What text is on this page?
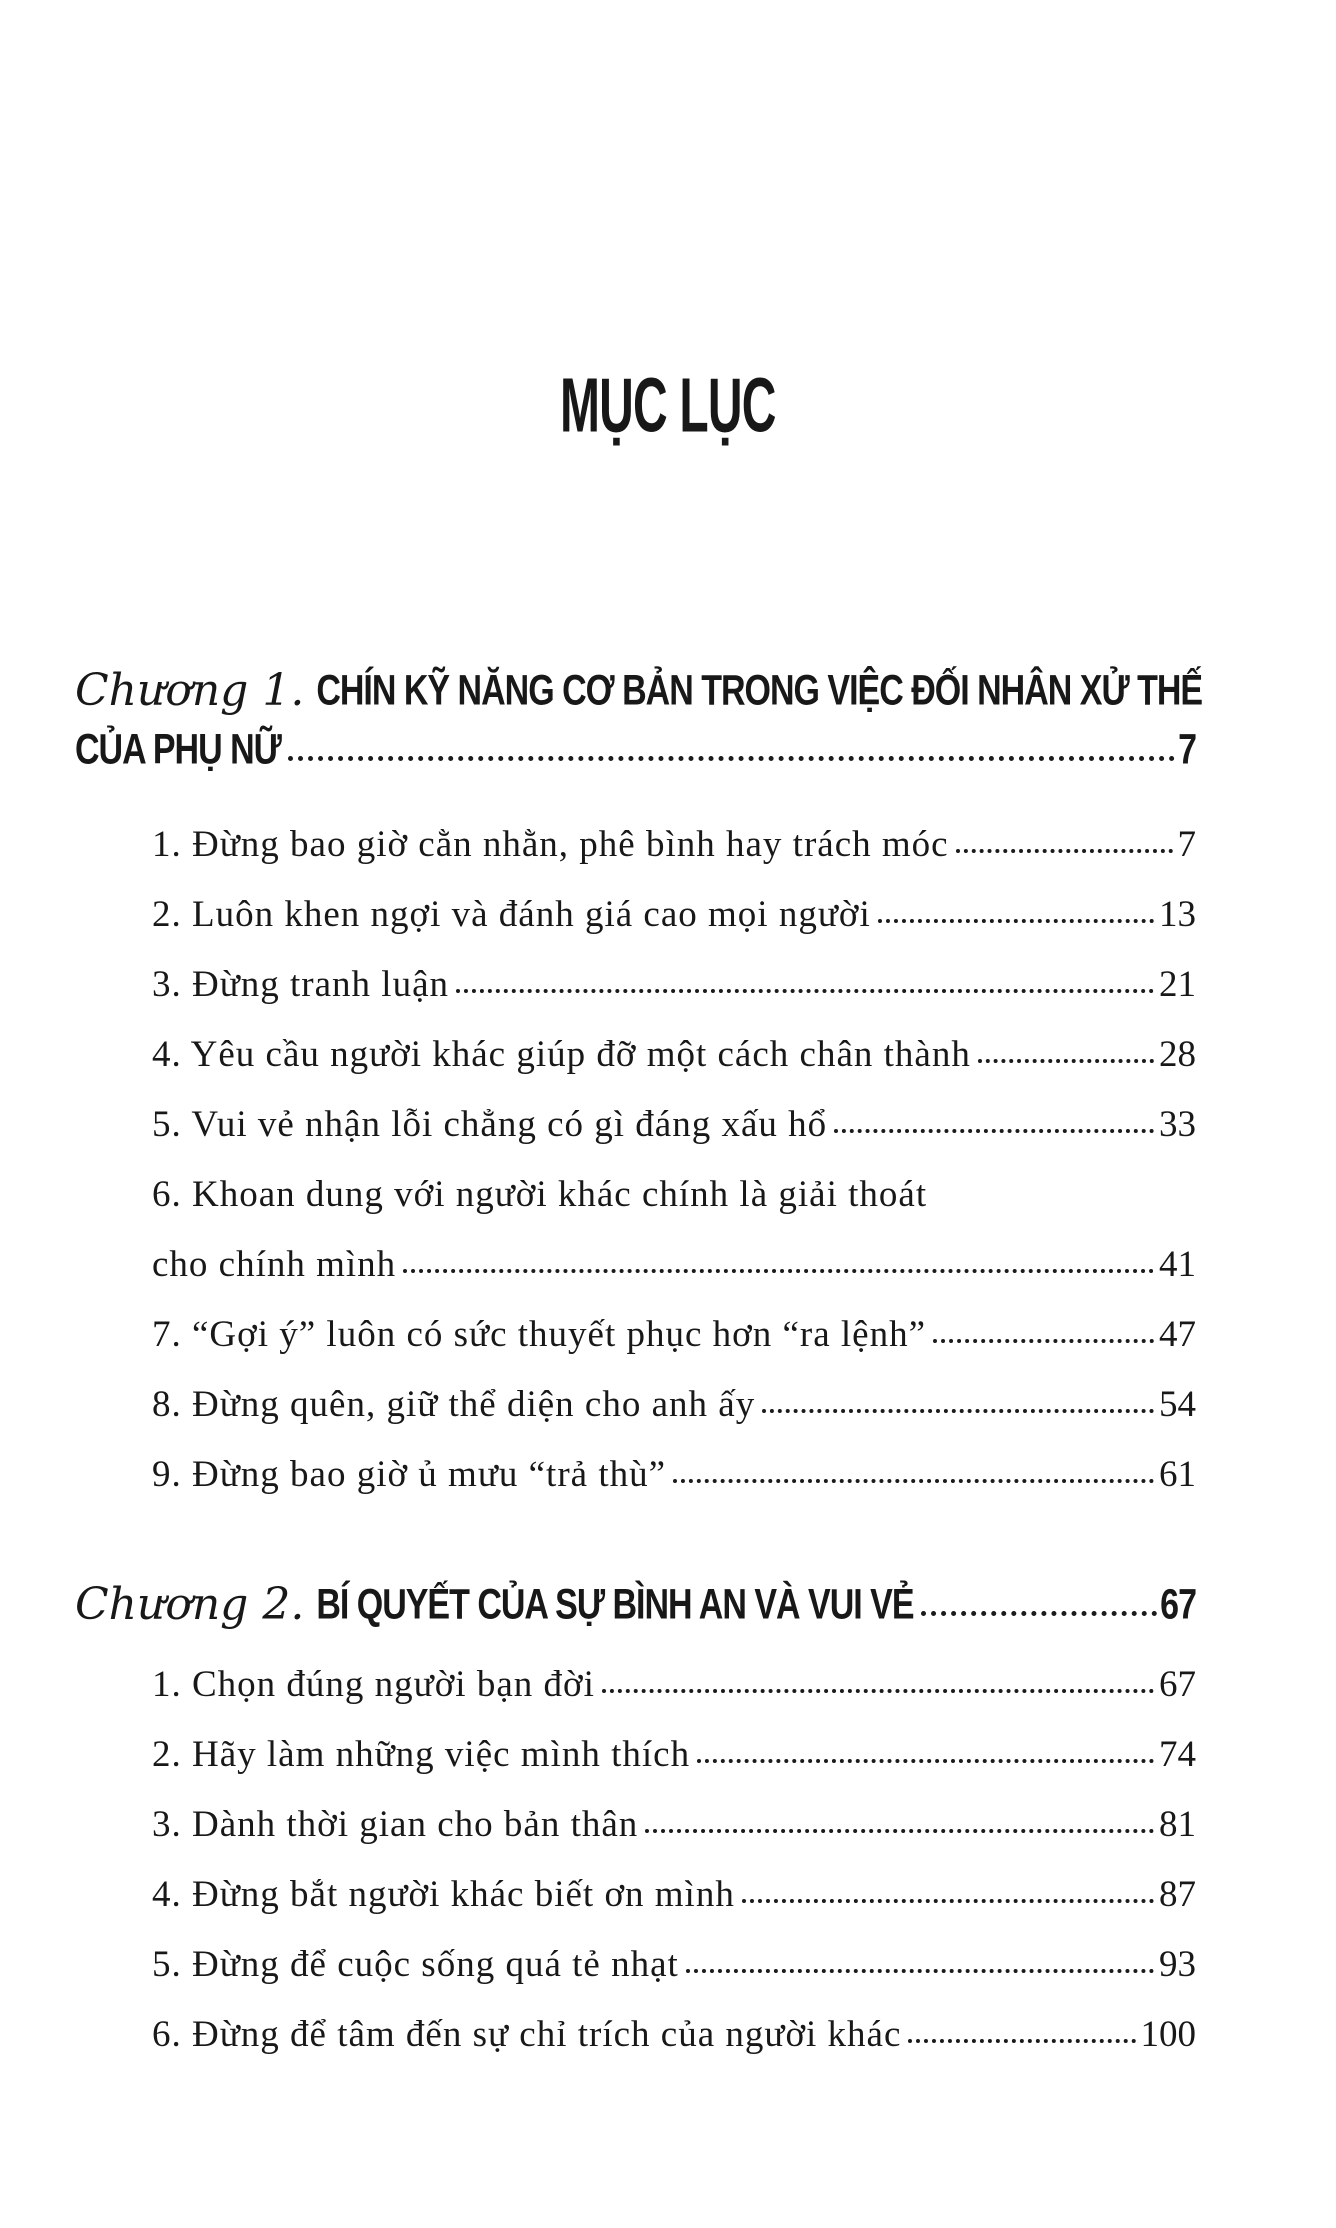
MỤC LỤC
Chương 1. CHÍN KỸ NĂNG CƠ BẢN TRONG VIỆC ĐỐI NHÂN XỬ THẾ
CỦA PHỤ NỮ	7
1. Đừng bao giờ cằn nhằn, phê bình hay trách móc	7
2. Luôn khen ngợi và đánh giá cao mọi người	13
3. Đừng tranh luận	21
4. Yêu cầu người khác giúp đỡ một cách chân thành	28
5. Vui vẻ nhận lỗi chẳng có gì đáng xấu hổ	33
6. Khoan dung với người khác chính là giải thoát
cho chính mình	41
7. “Gợi ý” luôn có sức thuyết phục hơn “ra lệnh”	47
8. Đừng quên, giữ thể diện cho anh ấy	54
9. Đừng bao giờ ủ mưu “trả thù”	61
Chương 2. BÍ QUYẾT CỦA SỰ BÌNH AN VÀ VUI VẺ	67
1. Chọn đúng người bạn đời	67
2. Hãy làm những việc mình thích	74
3. Dành thời gian cho bản thân	81
4. Đừng bắt người khác biết ơn mình	87
5. Đừng để cuộc sống quá tẻ nhạt	93
6. Đừng để tâm đến sự chỉ trích của người khác	100
